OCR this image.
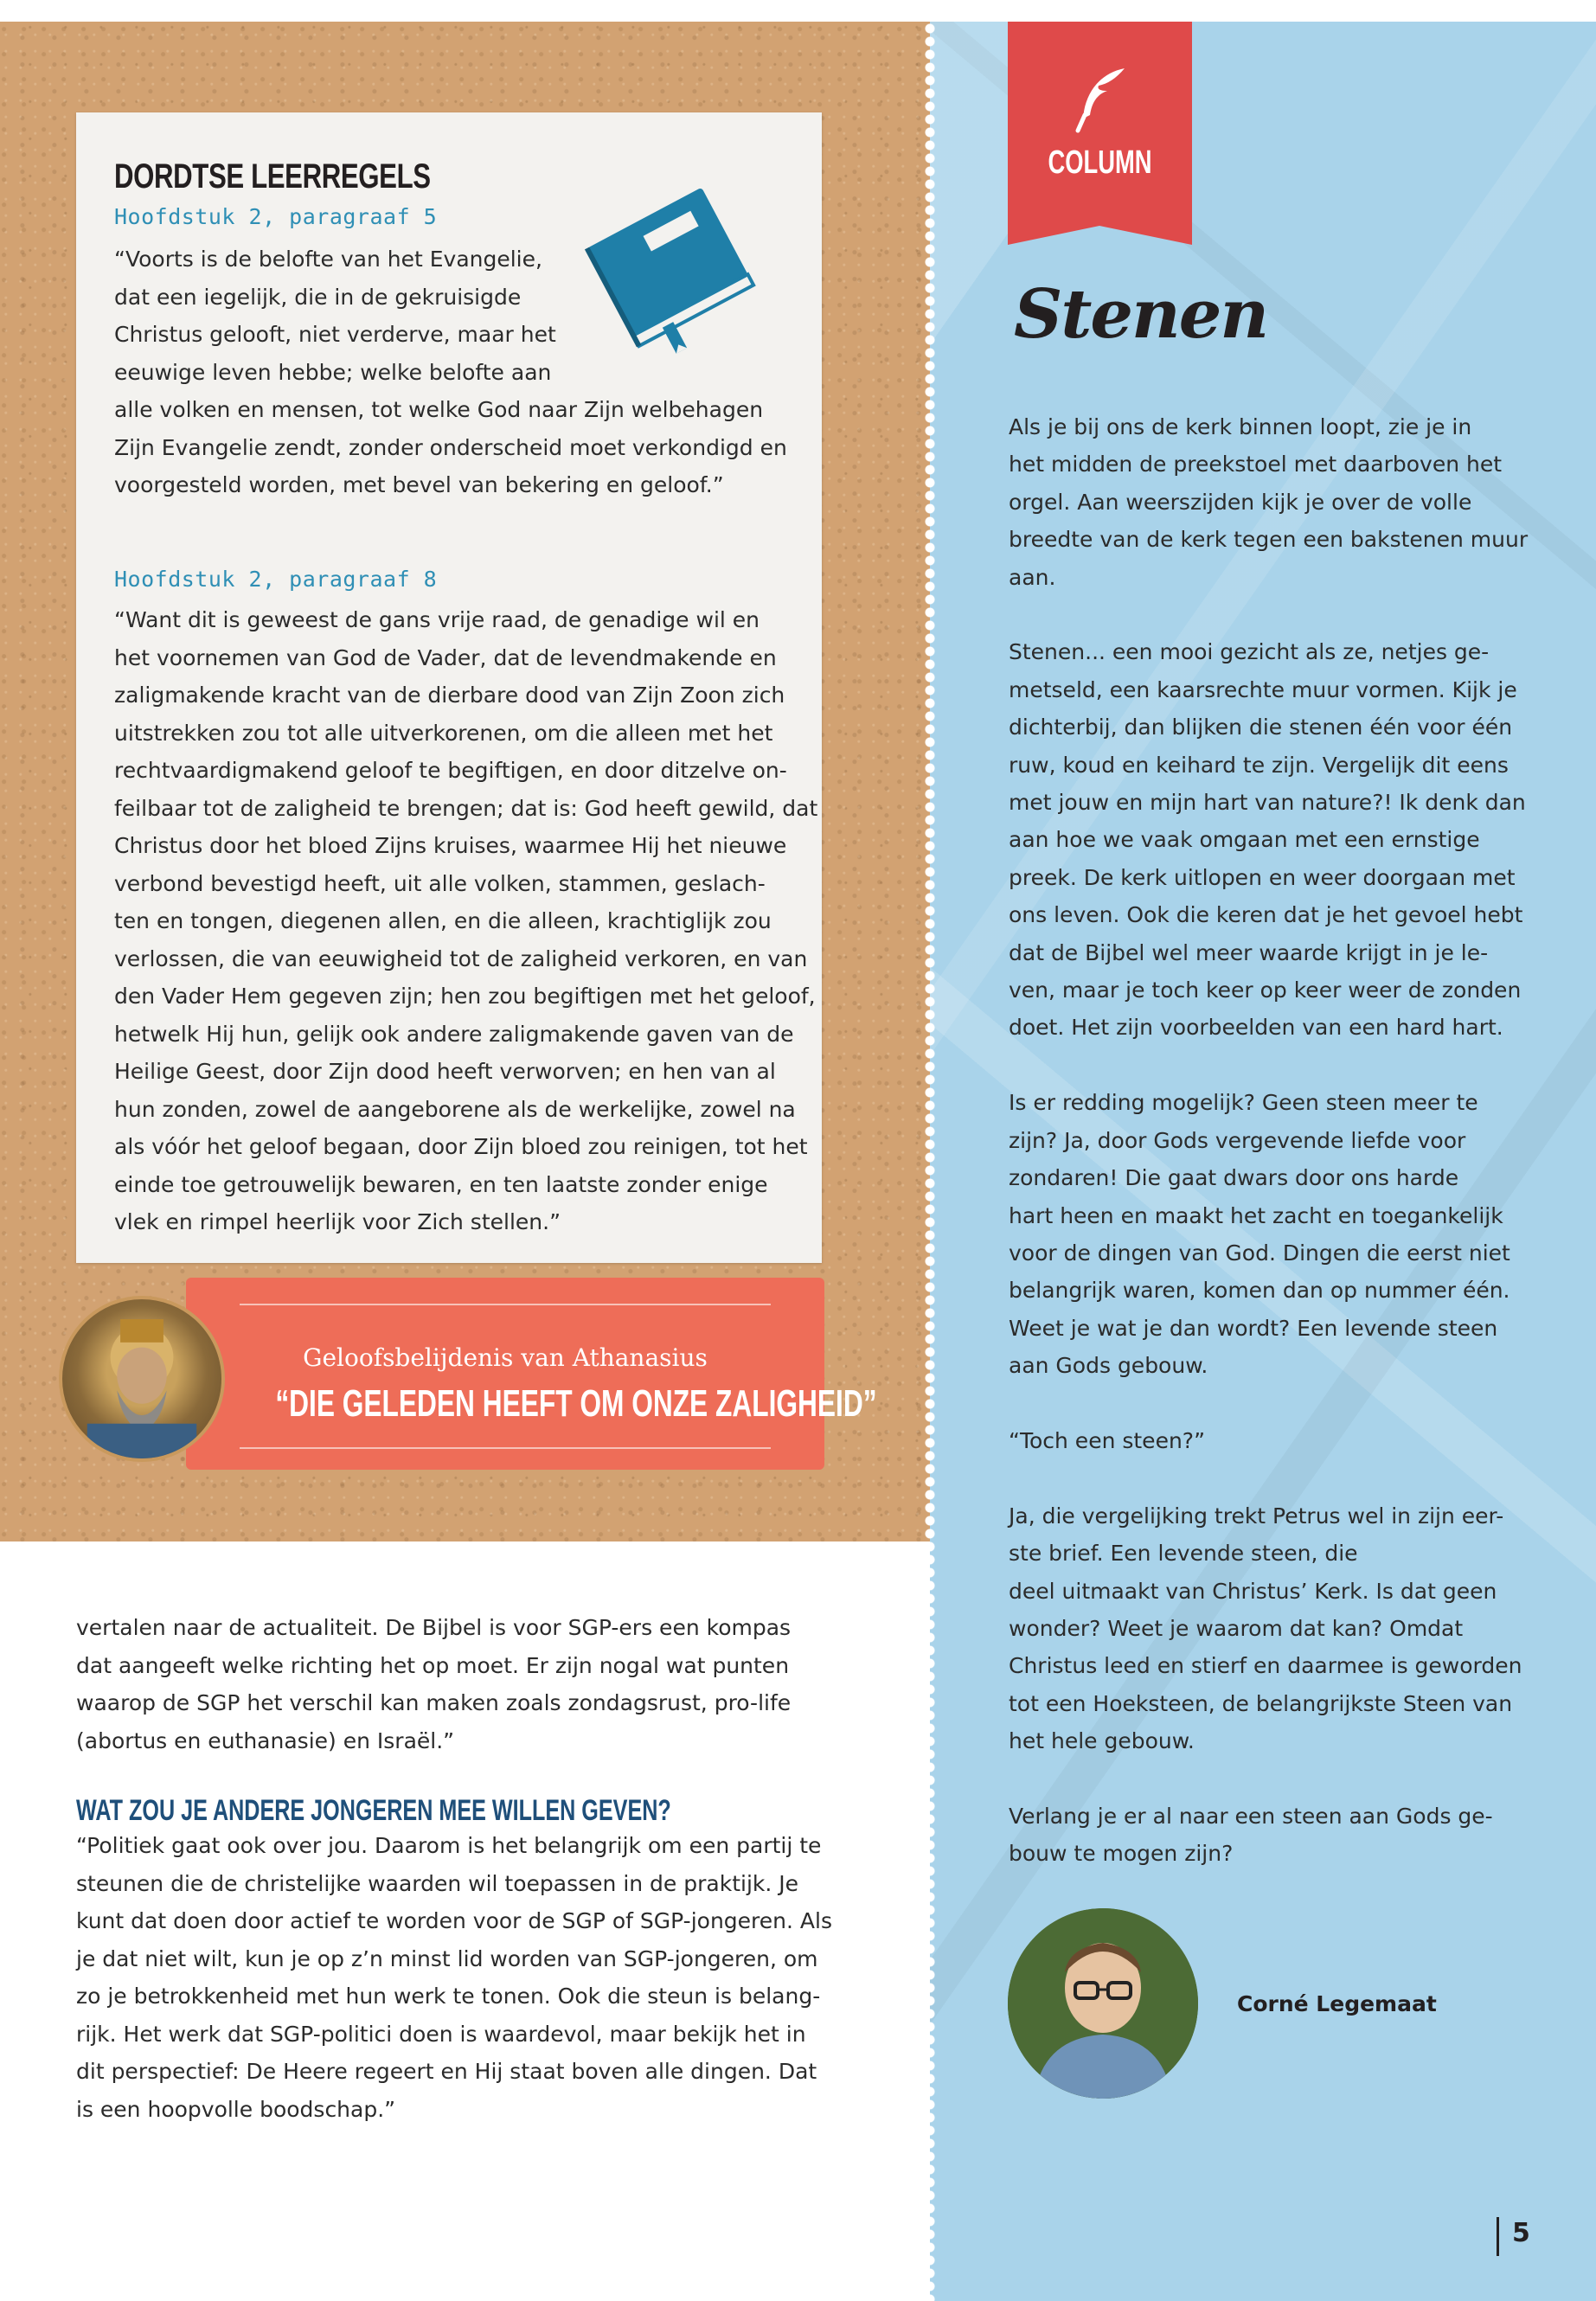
DORDTSE LEERREGELS
Hoofdstuk 2, paragraaf 5
“Voorts is de belofte van het Evangelie,
dat een iegelijk, die in de gekruisigde
Christus gelooft, niet verderve, maar het
eeuwige leven hebbe; welke belofte aan
alle volken en mensen, tot welke God naar Zijn welbehagen
Zijn Evangelie zendt, zonder onderscheid moet verkondigd en
voorgesteld worden, met bevel van bekering en geloof.”
Hoofdstuk 2, paragraaf 8
“Want dit is geweest de gans vrije raad, de genadige wil en
het voornemen van God de Vader, dat de levendmakende en
zaligmakende kracht van de dierbare dood van Zijn Zoon zich
uitstrekken zou tot alle uitverkorenen, om die alleen met het
rechtvaardigmakend geloof te begiftigen, en door ditzelve on-
feilbaar tot de zaligheid te brengen; dat is: God heeft gewild, dat
Christus door het bloed Zijns kruises, waarmee Hij het nieuwe
verbond bevestigd heeft, uit alle volken, stammen, geslach-
ten en tongen, diegenen allen, en die alleen, krachtiglijk zou
verlossen, die van eeuwigheid tot de zaligheid verkoren, en van
den Vader Hem gegeven zijn; hen zou begiftigen met het geloof,
hetwelk Hij hun, gelijk ook andere zaligmakende gaven van de
Heilige Geest, door Zijn dood heeft verworven; en hen van al
hun zonden, zowel de aangeborene als de werkelijke, zowel na
als vóór het geloof begaan, door Zijn bloed zou reinigen, tot het
einde toe getrouwelijk bewaren, en ten laatste zonder enige
vlek en rimpel heerlijk voor Zich stellen.”
Geloofsbelijdenis van Athanasius
“DIE GELEDEN HEEFT OM ONZE ZALIGHEID”
COLUMN
Stenen

Als je bij ons de kerk binnen loopt, zie je in
het midden de preekstoel met daarboven het
orgel. Aan weerszijden kijk je over de volle
breedte van de kerk tegen een bakstenen muur
aan.

Stenen... een mooi gezicht als ze, netjes ge-
metseld, een kaarsrechte muur vormen. Kijk je
dichterbij, dan blijken die stenen één voor één
ruw, koud en keihard te zijn. Vergelijk dit eens
met jouw en mijn hart van nature?! Ik denk dan
aan hoe we vaak omgaan met een ernstige
preek. De kerk uitlopen en weer doorgaan met
ons leven. Ook die keren dat je het gevoel hebt
dat de Bijbel wel meer waarde krijgt in je le-
ven, maar je toch keer op keer weer de zonden
doet. Het zijn voorbeelden van een hard hart.

Is er redding mogelijk? Geen steen meer te
zijn? Ja, door Gods vergevende liefde voor
zondaren! Die gaat dwars door ons harde
hart heen en maakt het zacht en toegankelijk
voor de dingen van God. Dingen die eerst niet
belangrijk waren, komen dan op nummer één.
Weet je wat je dan wordt? Een levende steen
aan Gods gebouw.

“Toch een steen?”

Ja, die vergelijking trekt Petrus wel in zijn eer-
ste brief. Een levende steen, die
deel uitmaakt van Christus’ Kerk. Is dat geen
wonder? Weet je waarom dat kan? Omdat
Christus leed en stierf en daarmee is geworden
tot een Hoeksteen, de belangrijkste Steen van
het hele gebouw.

Verlang je er al naar een steen aan Gods ge-
bouw te mogen zijn?

Corné Legemaat
5
vertalen naar de actualiteit. De Bijbel is voor SGP-ers een kompas
dat aangeeft welke richting het op moet. Er zijn nogal wat punten
waarop de SGP het verschil kan maken zoals zondagsrust, pro-life
(abortus en euthanasie) en Israël.”
WAT ZOU JE ANDERE JONGEREN MEE WILLEN GEVEN?
“Politiek gaat ook over jou. Daarom is het belangrijk om een partij te
steunen die de christelijke waarden wil toepassen in de praktijk. Je
kunt dat doen door actief te worden voor de SGP of SGP-jongeren. Als
je dat niet wilt, kun je op z’n minst lid worden van SGP-jongeren, om
zo je betrokkenheid met hun werk te tonen. Ook die steun is belang-
rijk. Het werk dat SGP-politici doen is waardevol, maar bekijk het in
dit perspectief: De Heere regeert en Hij staat boven alle dingen. Dat
is een hoopvolle boodschap.”
